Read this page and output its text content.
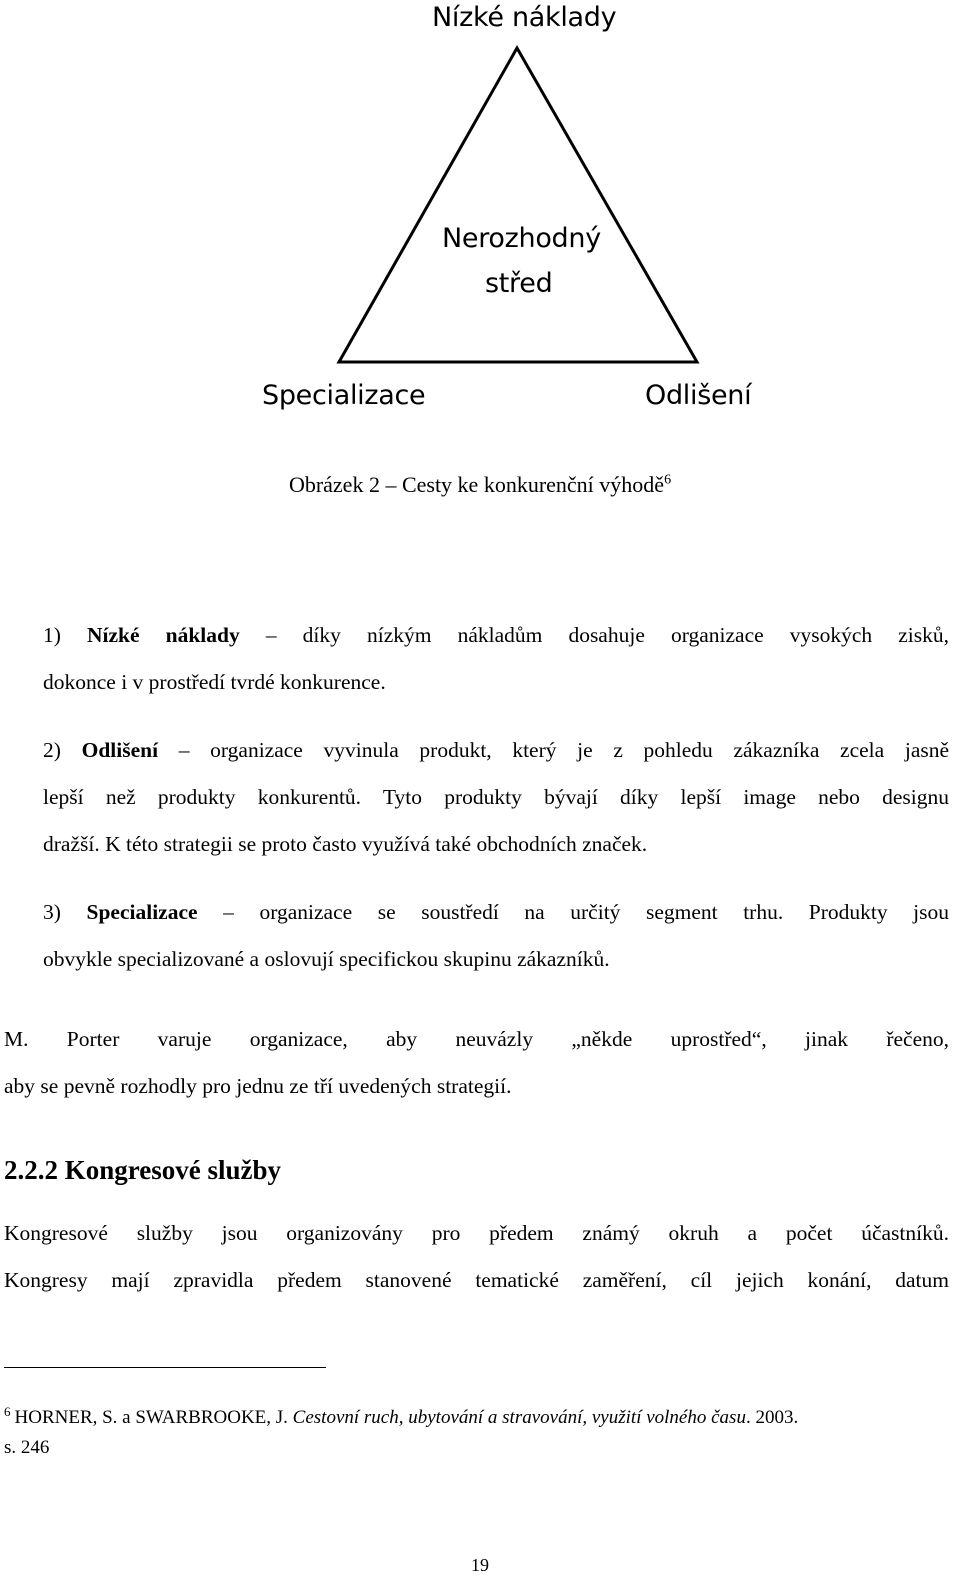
Nízké náklady
Nerozhodný
střed
Specializace	Odlišení
Obrázek 2 – Cesty ke konkurenční výhodě$^6$
1) Nízké náklady – díky nízkým nákladům dosahuje organizace vysokých zisků,
dokonce i v prostředí tvrdé konkurence.
2) Odlišení – organizace vyvinula produkt, který je z pohledu zákazníka zcela jasně
lepší než produkty konkurentů. Tyto produkty bývají díky lepší image nebo designu
dražší. K této strategii se proto často využívá také obchodních značek.
3) Specializace – organizace se soustředí na určitý segment trhu. Produkty jsou
obvykle specializované a oslovují specifickou skupinu zákazníků.
M. Porter varuje organizace, aby neuvázly „někde uprostřed“, jinak řečeno,
aby se pevně rozhodly pro jednu ze tří uvedených strategií.
2.2.2 Kongresové služby
Kongresové služby jsou organizovány pro předem známý okruh a počet účastníků.
Kongresy mají zpravidla předem stanovené tematické zaměření, cíl jejich konání, datum
$^6$ HORNER, S. a SWARBROOKE, J. Cestovní ruch, ubytování a stravování, využití volného času. 2003.
s. 246
19
